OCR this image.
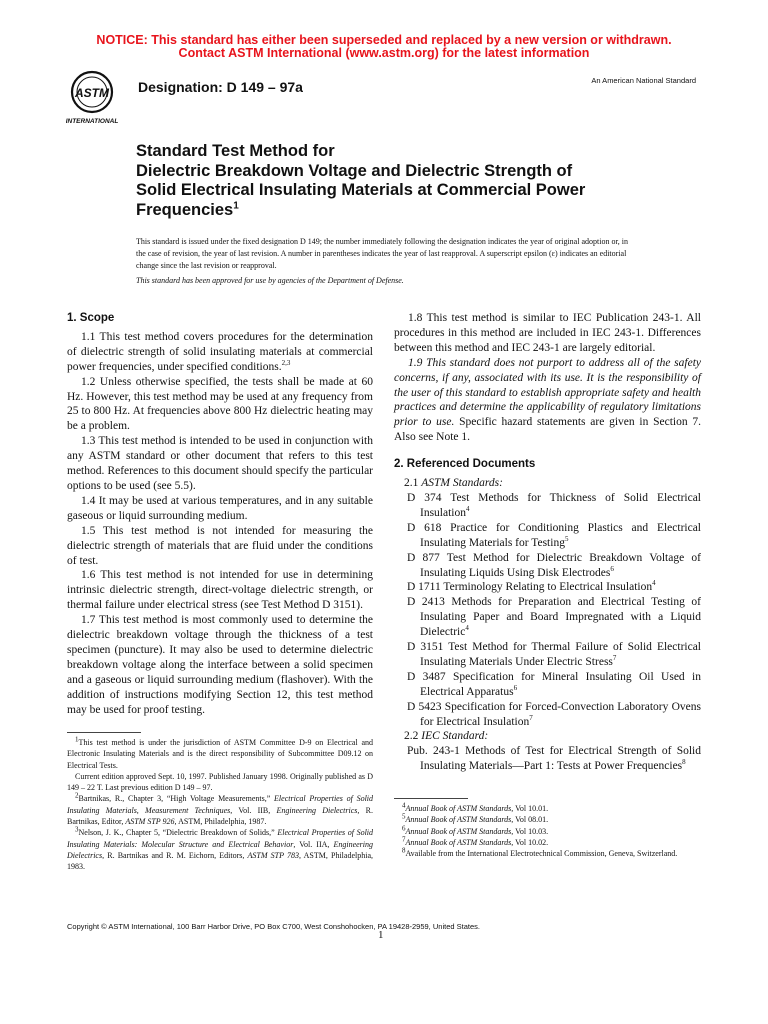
NOTICE: This standard has either been superseded and replaced by a new version or withdrawn.
Contact ASTM International (www.astm.org) for the latest information
ASTM
INTERNATIONAL
Designation: D 149 – 97a	An American National Standard
Standard Test Method for
Dielectric Breakdown Voltage and Dielectric Strength of
Solid Electrical Insulating Materials at Commercial Power
Frequencies$^1$
This standard is issued under the fixed designation D 149; the number immediately following the designation indicates the year of original adoption or, in the case of revision, the year of last revision. A number in parentheses indicates the year of last reapproval. A superscript epsilon (ε) indicates an editorial change since the last revision or reapproval.
This standard has been approved for use by agencies of the Department of Defense.
1. Scope

1.1 This test method covers procedures for the determination of dielectric strength of solid insulating materials at commercial power frequencies, under specified conditions.$^{2,3}$

1.2 Unless otherwise specified, the tests shall be made at 60 Hz. However, this test method may be used at any frequency from 25 to 800 Hz. At frequencies above 800 Hz dielectric heating may be a problem.

1.3 This test method is intended to be used in conjunction with any ASTM standard or other document that refers to this test method. References to this document should specify the particular options to be used (see 5.5).

1.4 It may be used at various temperatures, and in any suitable gaseous or liquid surrounding medium.

1.5 This test method is not intended for measuring the dielectric strength of materials that are fluid under the conditions of test.

1.6 This test method is not intended for use in determining intrinsic dielectric strength, direct-voltage dielectric strength, or thermal failure under electrical stress (see Test Method D 3151).

1.7 This test method is most commonly used to determine the dielectric breakdown voltage through the thickness of a test specimen (puncture). It may also be used to determine dielectric breakdown voltage along the interface between a solid specimen and a gaseous or liquid surrounding medium (flashover). With the addition of instructions modifying Section 12, this test method may be used for proof testing.

1.8 This test method is similar to IEC Publication 243-1. All procedures in this method are included in IEC 243-1. Differences between this method and IEC 243-1 are largely editorial.

1.9 This standard does not purport to address all of the safety concerns, if any, associated with its use. It is the responsibility of the user of this standard to establish appropriate safety and health practices and determine the applicability of regulatory limitations prior to use. Specific hazard statements are given in Section 7. Also see Note 1.

2. Referenced Documents
2.1 ASTM Standards:
D 374 Test Methods for Thickness of Solid Electrical Insulation$^4$
D 618 Practice for Conditioning Plastics and Electrical Insulating Materials for Testing$^5$
D 877 Test Method for Dielectric Breakdown Voltage of Insulating Liquids Using Disk Electrodes$^6$
D 1711 Terminology Relating to Electrical Insulation$^4$
D 2413 Methods for Preparation and Electrical Testing of Insulating Paper and Board Impregnated with a Liquid Dielectric$^4$
D 3151 Test Method for Thermal Failure of Solid Electrical Insulating Materials Under Electric Stress$^7$
D 3487 Specification for Mineral Insulating Oil Used in Electrical Apparatus$^6$
D 5423 Specification for Forced-Convection Laboratory Ovens for Electrical Insulation$^7$
2.2 IEC Standard:
Pub. 243-1 Methods of Test for Electrical Strength of Solid Insulating Materials—Part 1: Tests at Power Frequencies$^8$

$^1$This test method is under the jurisdiction of ASTM Committee D-9 on Electrical and Electronic Insulating Materials and is the direct responsibility of Subcommittee D09.12 on Electrical Tests.

Current edition approved Sept. 10, 1997. Published January 1998. Originally published as D 149 – 22 T. Last previous edition D 149 – 97.

$^2$Bartnikas, R., Chapter 3, “High Voltage Measurements,” Electrical Properties of Solid Insulating Materials, Measurement Techniques, Vol. IIB, Engineering Dielectrics, R. Bartnikas, Editor, ASTM STP 926, ASTM, Philadelphia, 1987.

$^3$Nelson, J. K., Chapter 5, “Dielectric Breakdown of Solids,” Electrical Properties of Solid Insulating Materials: Molecular Structure and Electrical Behavior, Vol. IIA, Engineering Dielectrics, R. Bartnikas and R. M. Eichorn, Editors, ASTM STP 783, ASTM, Philadelphia, 1983.

$^4$Annual Book of ASTM Standards, Vol 10.01.

$^5$Annual Book of ASTM Standards, Vol 08.01.

$^6$Annual Book of ASTM Standards, Vol 10.03.

$^7$Annual Book of ASTM Standards, Vol 10.02.

$^8$Available from the International Electrotechnical Commission, Geneva, Switzerland.

Copyright © ASTM International, 100 Barr Harbor Drive, PO Box C700, West Conshohocken, PA 19428-2959, United States.
1
